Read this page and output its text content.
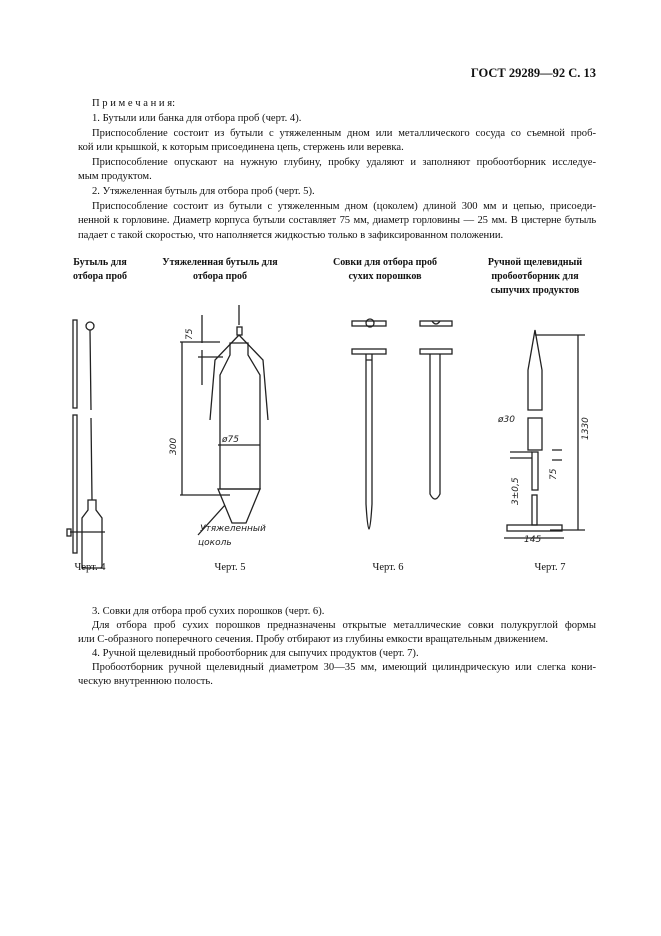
ГОСТ 29289—92 С. 13
П р и м е ч а н и я:
1. Бутыли или банка для отбора проб (черт. 4).
Приспособление состоит из бутыли с утяжеленным дном или металлического сосуда со съемной проб-
кой или крышкой, к которым присоединена цепь, стержень или веревка.
Приспособление опускают на нужную глубину, пробку удаляют и заполняют пробоотборник исследуе-
мым продуктом.
2. Утяжеленная бутыль для отбора проб (черт. 5).
Приспособление состоит из бутыли с утяжеленным дном (цоколем) длиной 300 мм и цепью, присоеди-
ненной к горловине. Диаметр корпуса бутыли составляет 75 мм, диаметр горловины — 25 мм. В цистерне бутыль
падает с такой скоростью, что наполняется жидкостью только в зафиксированном положении.
Бутыль для
отбора проб
Утяжеленная бутыль для
отбора проб
Совки для отбора проб
сухих порошков
Ручной щелевидный
пробоотборник для
сыпучих продуктов
ø75
75
300
Утяжеленный
цоколь	145
ø30	1330
75
3±0,5
Черт. 4	Черт. 5	Черт. 6	Черт. 7
3. Совки для отбора проб сухих порошков (черт. 6).
Для отбора проб сухих порошков предназначены открытые металлические совки полукруглой формы
или С-образного поперечного сечения. Пробу отбирают из глубины емкости вращательным движением.
4. Ручной щелевидный пробоотборник для сыпучих продуктов (черт. 7).
Пробоотборник ручной щелевидный диаметром 30—35 мм, имеющий цилиндрическую или слегка кони-
ческую внутреннюю полость.
